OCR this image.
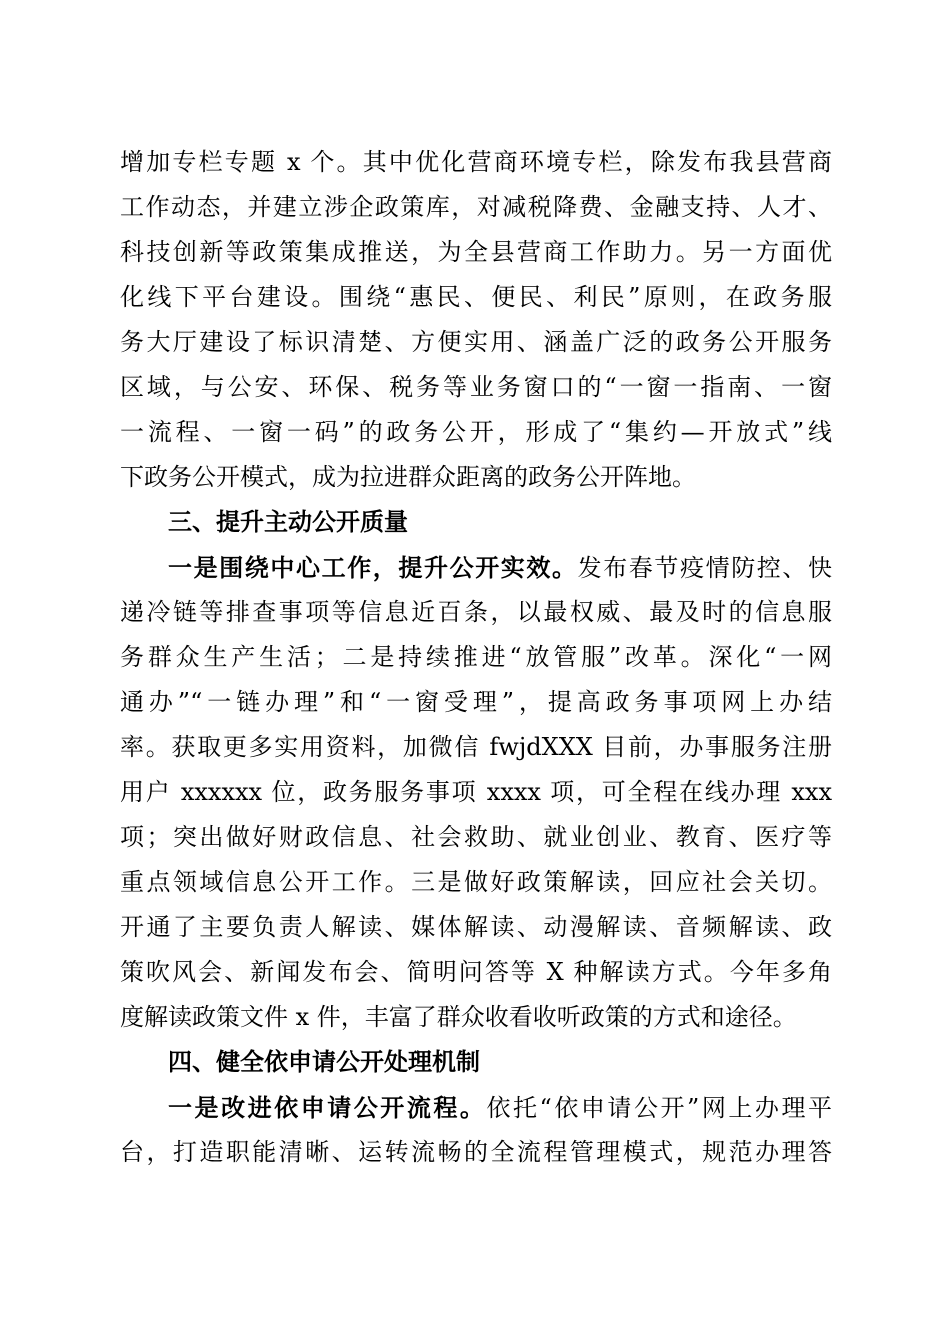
增加专栏专题 x 个。其中优化营商环境专栏，除发布我县营商
工作动态，并建立涉企政策库，对减税降费、金融支持、人才、
科技创新等政策集成推送，为全县营商工作助力。另一方面优
化线下平台建设。围绕“惠民、便民、利民”原则，在政务服
务大厅建设了标识清楚、方便实用、涵盖广泛的政务公开服务
区域，与公安、环保、税务等业务窗口的“一窗一指南、一窗
一流程、一窗一码”的政务公开，形成了“集约—开放式”线
下政务公开模式，成为拉进群众距离的政务公开阵地。
三、提升主动公开质量
一是围绕中心工作，提升公开实效。发布春节疫情防控、快
递冷链等排查事项等信息近百条，以最权威、最及时的信息服
务群众生产生活；二是持续推进“放管服”改革。深化“一网
通办”“一链办理”和“一窗受理”，提高政务事项网上办结
率。获取更多实用资料，加微信 fwjdXXX 目前，办事服务注册
用户 xxxxxx 位，政务服务事项 xxxx 项，可全程在线办理 xxx
项；突出做好财政信息、社会救助、就业创业、教育、医疗等
重点领域信息公开工作。三是做好政策解读，回应社会关切。
开通了主要负责人解读、媒体解读、动漫解读、音频解读、政
策吹风会、新闻发布会、简明问答等 X 种解读方式。今年多角
度解读政策文件 x 件，丰富了群众收看收听政策的方式和途径。
四、健全依申请公开处理机制
一是改进依申请公开流程。依托“依申请公开”网上办理平
台，打造职能清晰、运转流畅的全流程管理模式，规范办理答
